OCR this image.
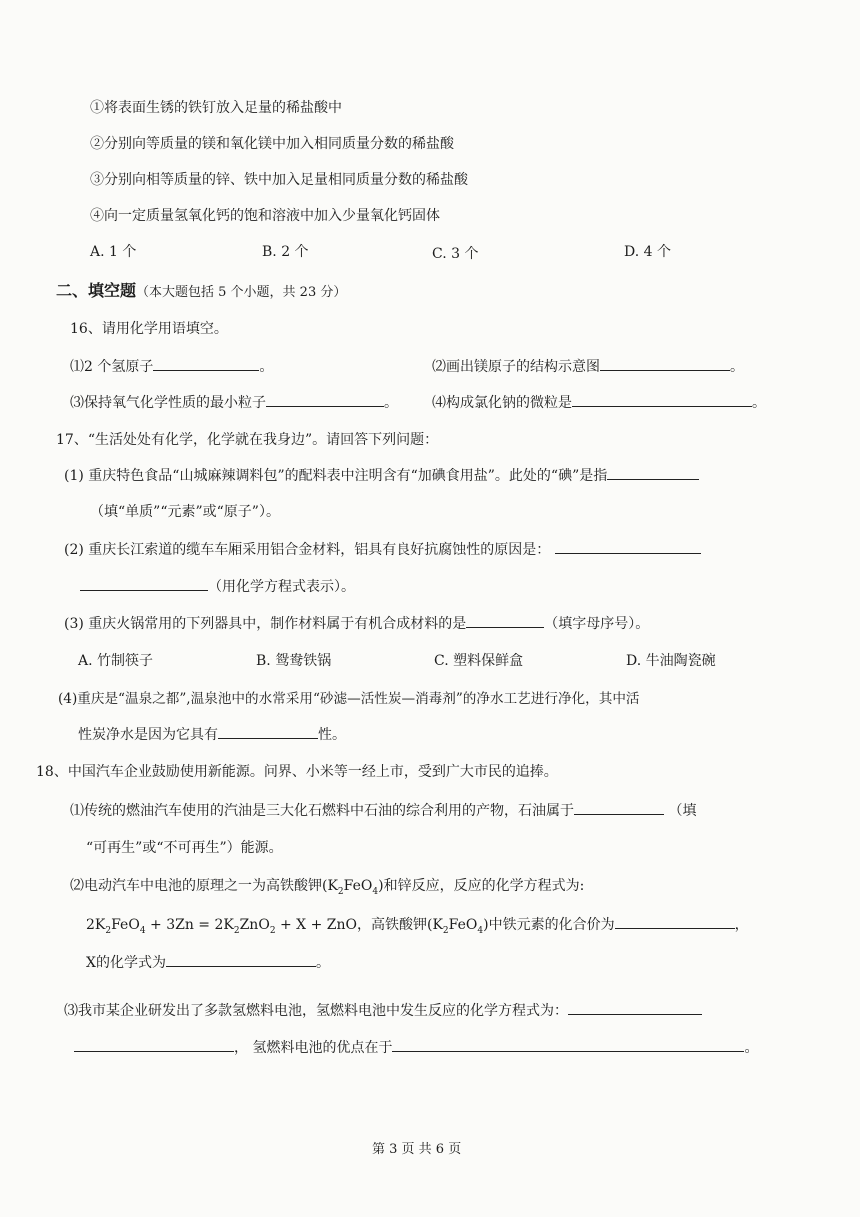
①将表面生锈的铁钉放入足量的稀盐酸中
②分别向等质量的镁和氧化镁中加入相同质量分数的稀盐酸
③分别向相等质量的锌、铁中加入足量相同质量分数的稀盐酸
④向一定质量氢氧化钙的饱和溶液中加入少量氧化钙固体
A. 1 个	B. 2 个	C. 3 个	D. 4 个
二、填空题（本大题包括 5 个小题，共 23 分）
16、请用化学用语填空。
⑴2 个氢原子	。	⑵画出镁原子的结构示意图	。
⑶保持氧气化学性质的最小粒子	。 ⑷构成氯化钠的微粒是	。
17、“生活处处有化学，化学就在我身边”。请回答下列问题：
(1) 重庆特色食品“山城麻辣调料包”的配料表中注明含有“加碘食用盐”。此处的“碘”是指
（填“单质”“元素”或“原子”）。
(2) 重庆长江索道的缆车车厢采用铝合金材料，铝具有良好抗腐蚀性的原因是：
（用化学方程式表示）。
(3) 重庆火锅常用的下列器具中，制作材料属于有机合成材料的是	（填字母序号）。
A. 竹制筷子	B. 鸳鸯铁锅	C. 塑料保鲜盒	D. 牛油陶瓷碗
(4)重庆是“温泉之都”,温泉池中的水常采用“砂滤—活性炭—消毒剂”的净水工艺进行净化，其中活
性炭净水是因为它具有	性。
18、中国汽车企业鼓励使用新能源。问界、小米等一经上市，受到广大市民的追捧。
⑴传统的燃油汽车使用的汽油是三大化石燃料中石油的综合利用的产物，石油属于	（填
“可再生”或“不可再生”）能源。
⑵电动汽车中电池的原理之一为高铁酸钾$(K_2FeO_4)$和锌反应，反应的化学方程式为:
$2K_2FeO_4 + 3Zn = 2K_2ZnO_2 + X$ + ZnO，高铁酸钾$(K_2FeO_4)$中铁元素的化合价为	，
X的化学式为	。
⑶我市某企业研发出了多款氢燃料电池，氢燃料电池中发生反应的化学方程式为：
， 氢燃料电池的优点在于	。
第 3 页 共 6 页
